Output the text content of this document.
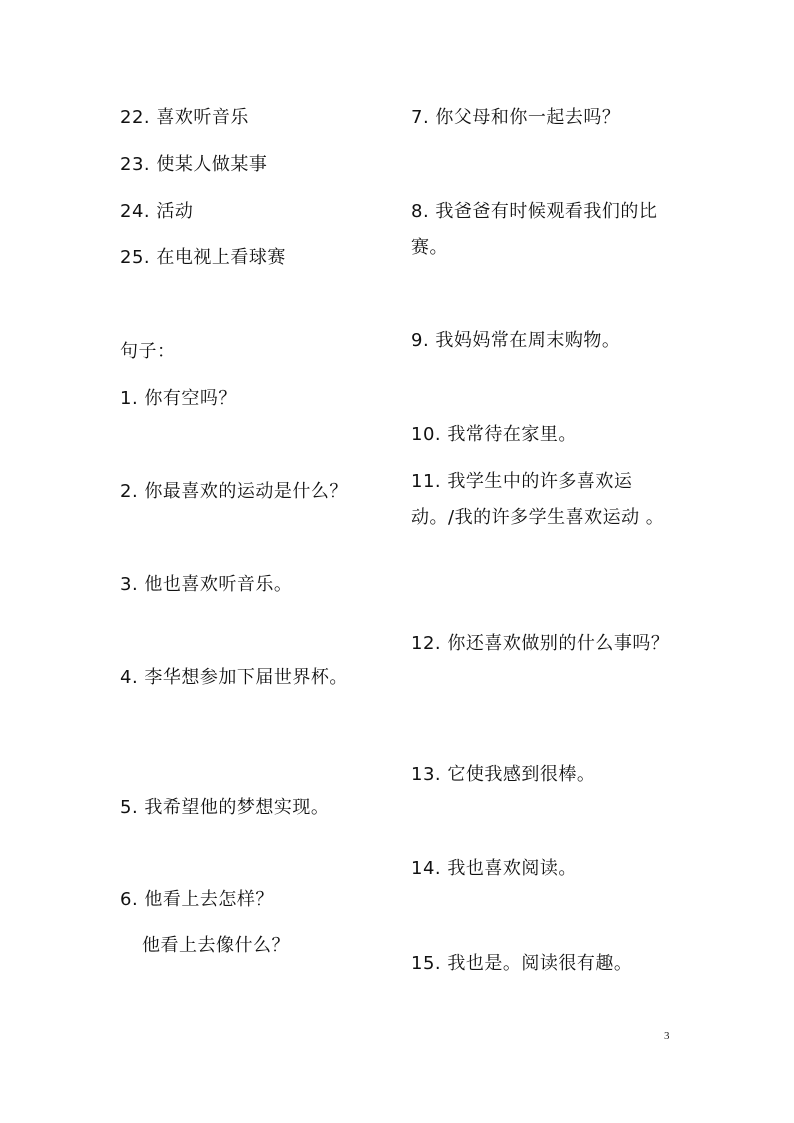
22. 喜欢听音乐
23. 使某人做某事
24. 活动
25. 在电视上看球赛
句子：
1. 你有空吗？
2. 你最喜欢的运动是什么？
3. 他也喜欢听音乐。
4. 李华想参加下届世界杯。
5. 我希望他的梦想实现。
6. 他看上去怎样？
他看上去像什么？
7. 你父母和你一起去吗？
8. 我爸爸有时候观看我们的比赛。
9. 我妈妈常在周末购物。
10. 我常待在家里。
11. 我学生中的许多喜欢运动。/我的许多学生喜欢运动 。
12. 你还喜欢做别的什么事吗？
13. 它使我感到很棒。
14. 我也喜欢阅读。
15. 我也是。阅读很有趣。
3
